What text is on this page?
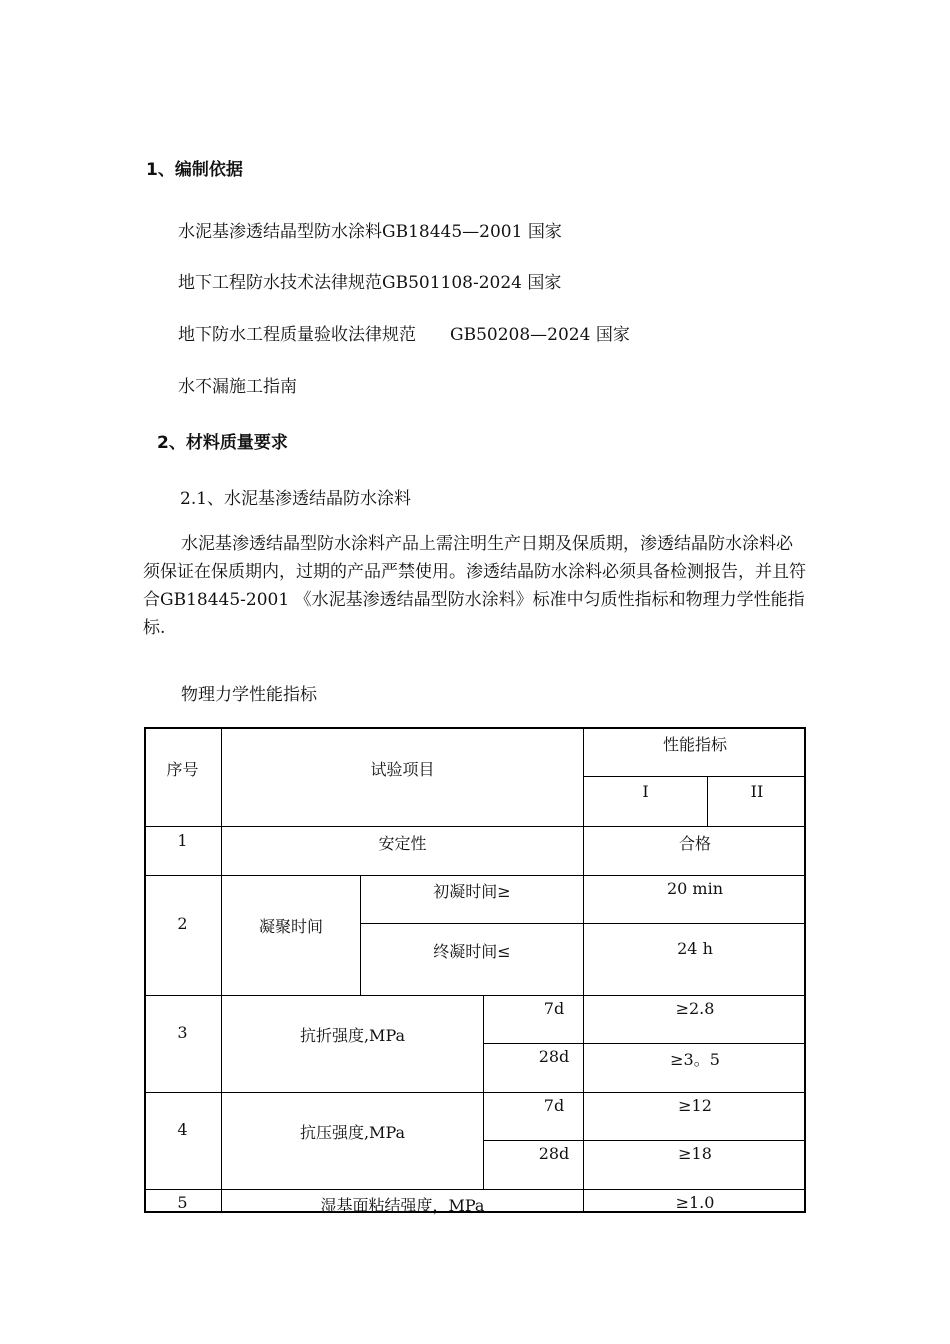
1、编制依据
水泥基渗透结晶型防水涂料GB18445—2001 国家
地下工程防水技术法律规范GB501108-2024 国家
地下防水工程质量验收法律规范　　GB50208—2024 国家
水不漏施工指南
2、材料质量要求
2.1、水泥基渗透结晶防水涂料
水泥基渗透结晶型防水涂料产品上需注明生产日期及保质期，渗透结晶防水涂料必须保证在保质期内，过期的产品严禁使用。渗透结晶防水涂料必须具备检测报告，并且符合GB18445-2001 《水泥基渗透结晶型防水涂料》标准中匀质性指标和物理力学性能指标.
物理力学性能指标
序号	试验项目
性能指标
I	II
1	安定性	合格
2	凝聚时间
初凝时间≥	20 min
终凝时间≤	24 h
3	抗折强度,MPa
7d	≥2.8
28d	≥3。5
4	抗压强度,MPa
7d	≥12
28d	≥18
5	湿基面粘结强度，MPa	≥1.0
